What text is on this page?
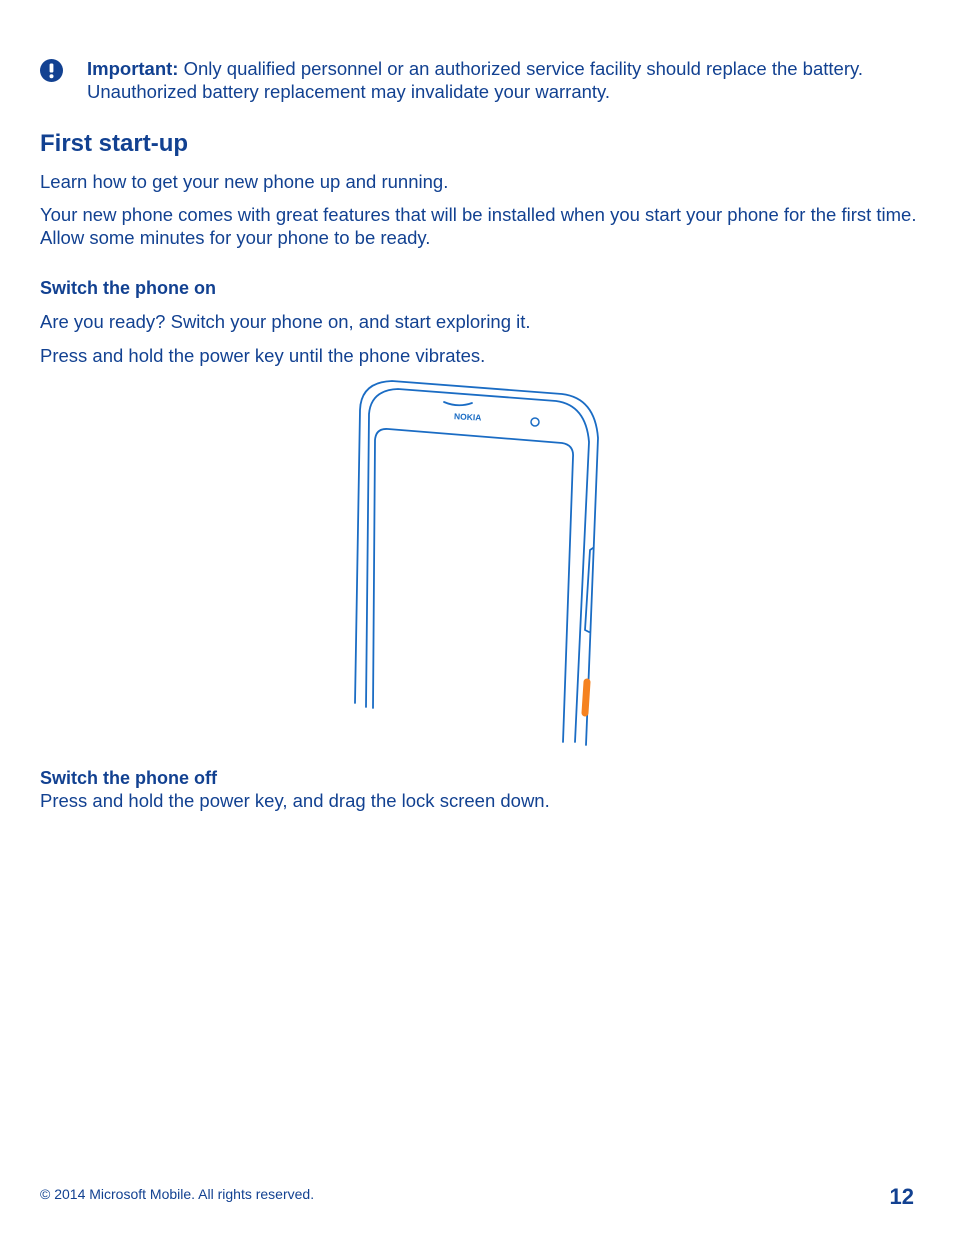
Important: Only qualified personnel or an authorized service facility should replace the battery. Unauthorized battery replacement may invalidate your warranty.
First start-up

Learn how to get your new phone up and running.

Your new phone comes with great features that will be installed when you start your phone for the first time. Allow some minutes for your phone to be ready.

Switch the phone on

Are you ready? Switch your phone on, and start exploring it.

Press and hold the power key until the phone vibrates.

NOKIA
Switch the phone off

Press and hold the power key, and drag the lock screen down.

© 2014 Microsoft Mobile. All rights reserved.	12
